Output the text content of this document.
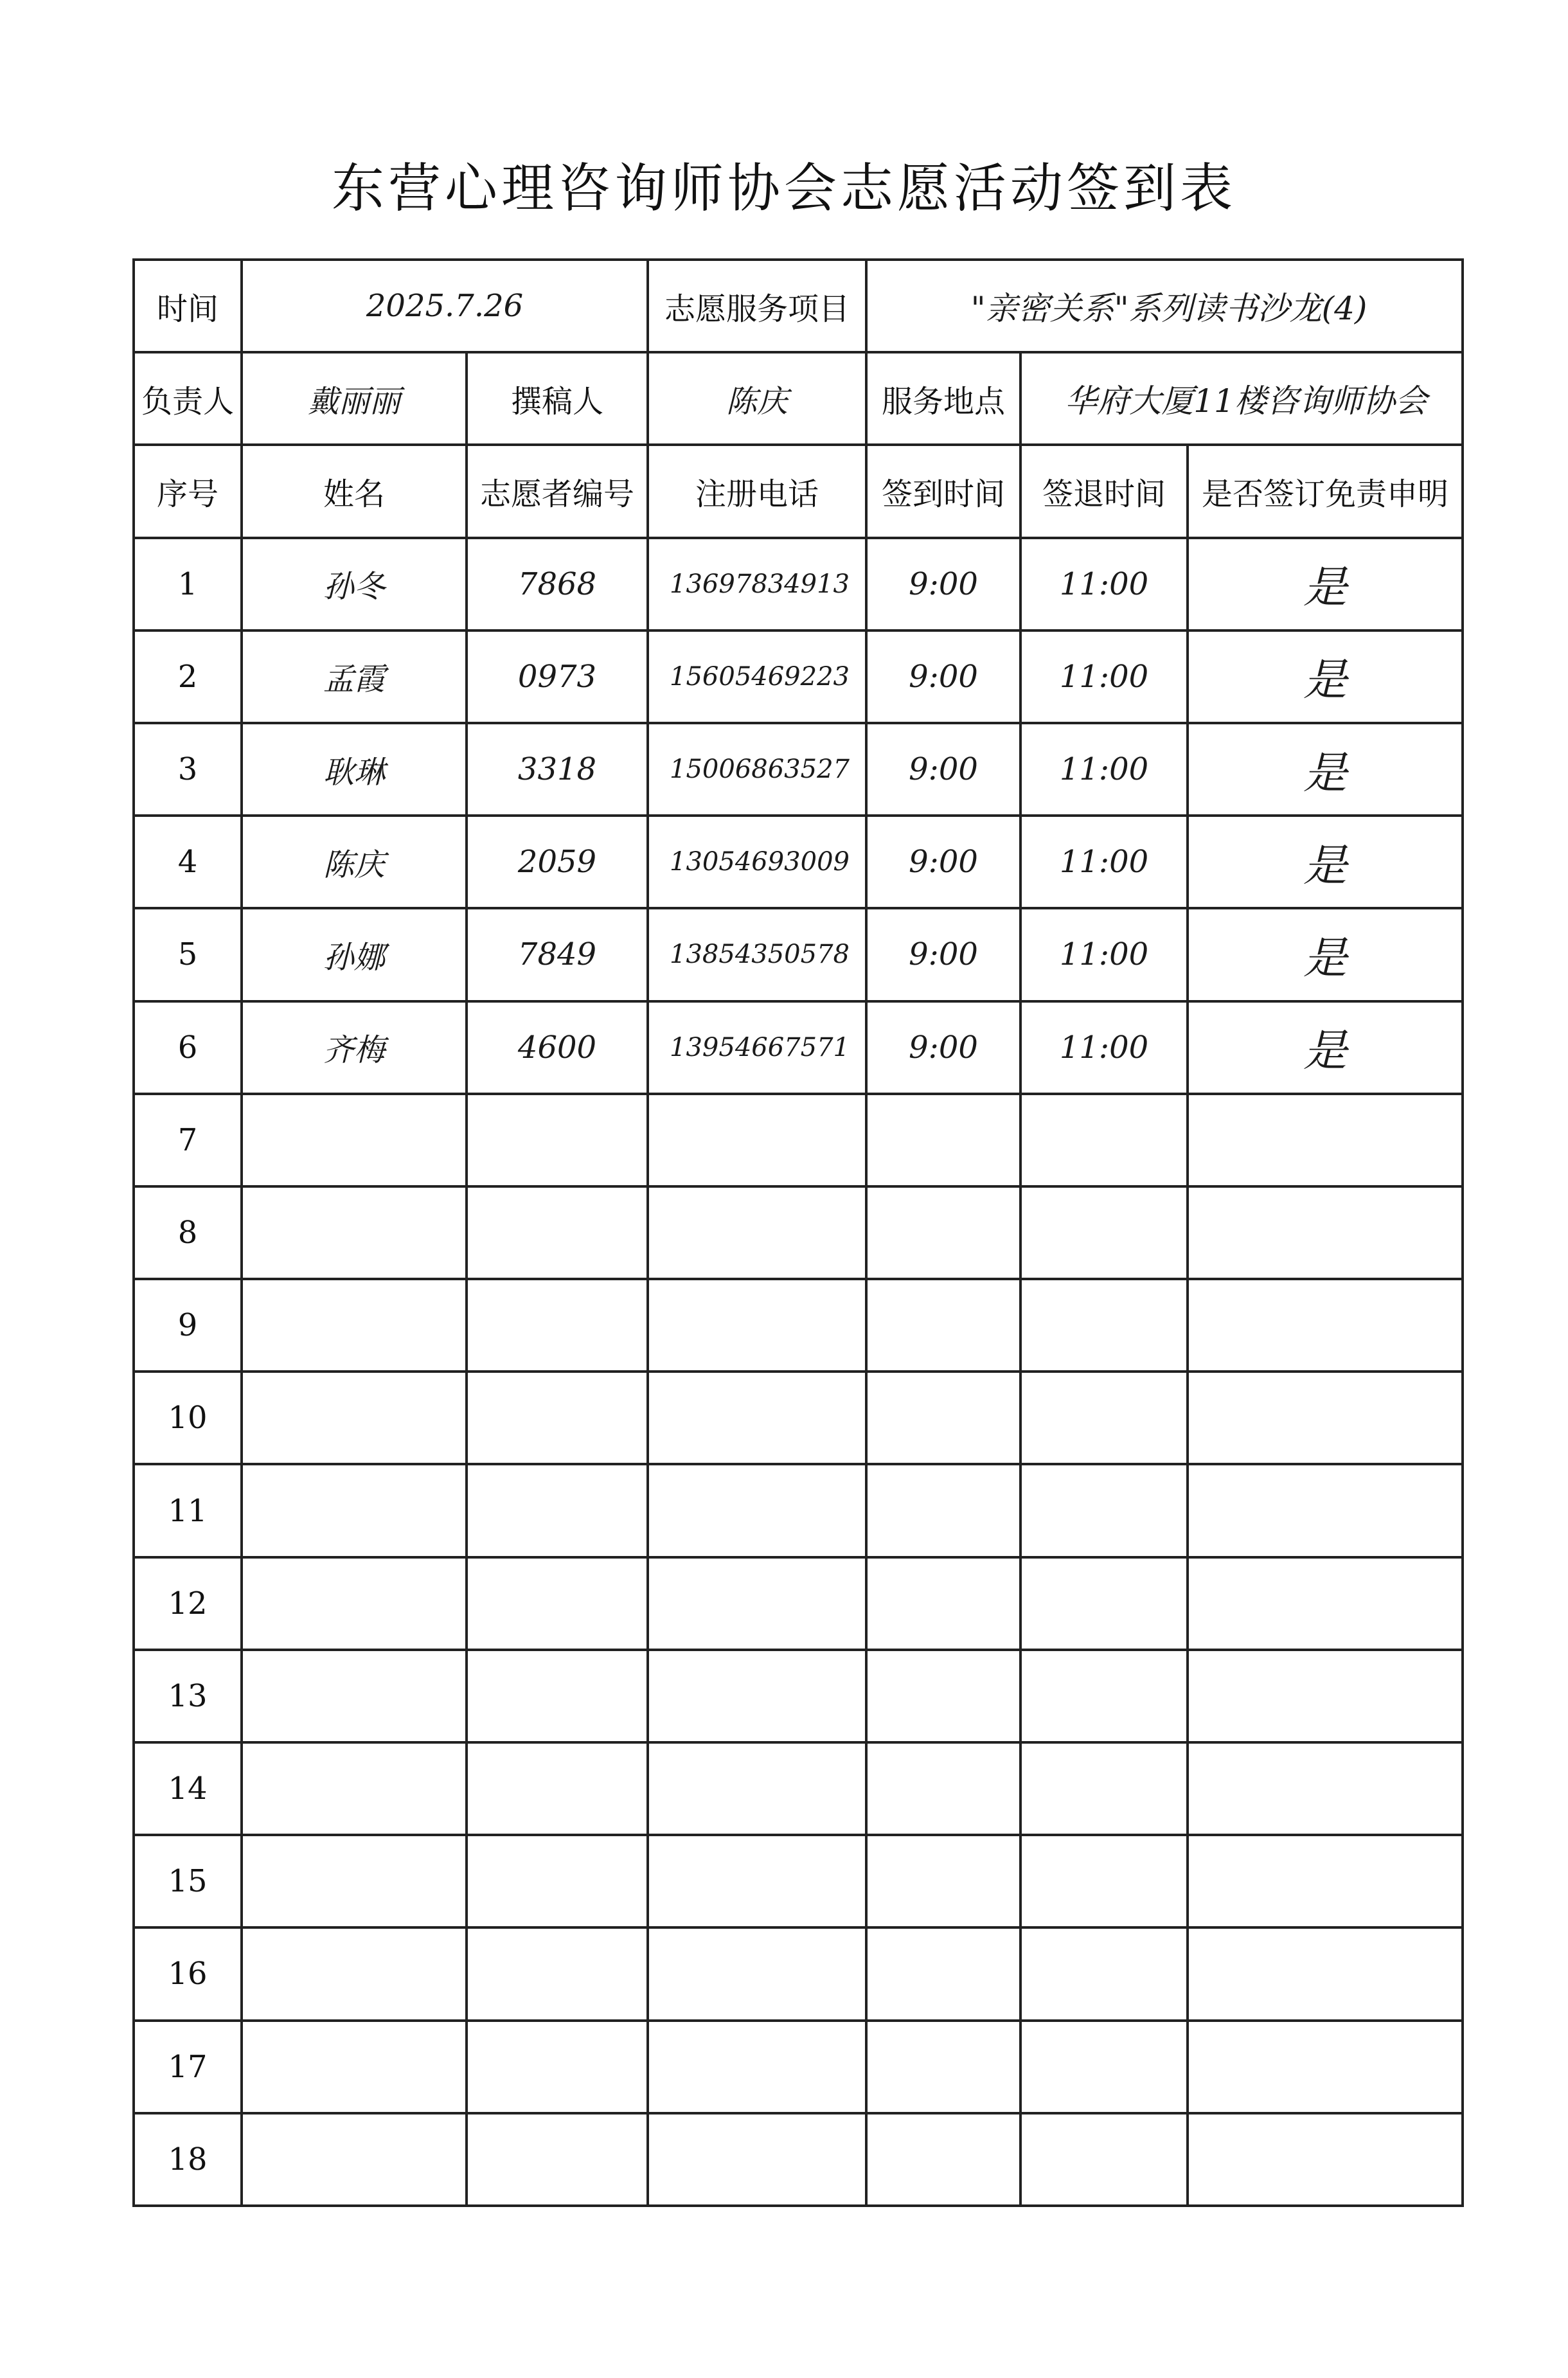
东营心理咨询师协会志愿活动签到表
时间	2025.7.26		志愿服务项目	"亲密关系"系列读书沙龙(4)		
负责人	戴丽丽	撰稿人	陈庆	服务地点	华府大厦11楼咨询师协会	
序号	姓名	志愿者编号	注册电话	签到时间	签退时间	是否签订免责申明
1	孙冬	7868	13697834913	9:00	11:00	是
2	孟霞	0973	15605469223	9:00	11:00	是
3	耿琳	3318	15006863527	9:00	11:00	是
4	陈庆	2059	13054693009	9:00	11:00	是
5	孙娜	7849	13854350578	9:00	11:00	是
6	齐梅	4600	13954667571	9:00	11:00	是
7						
8						
9						
10						
11						
12						
13						
14						
15						
16						
17						
18						
